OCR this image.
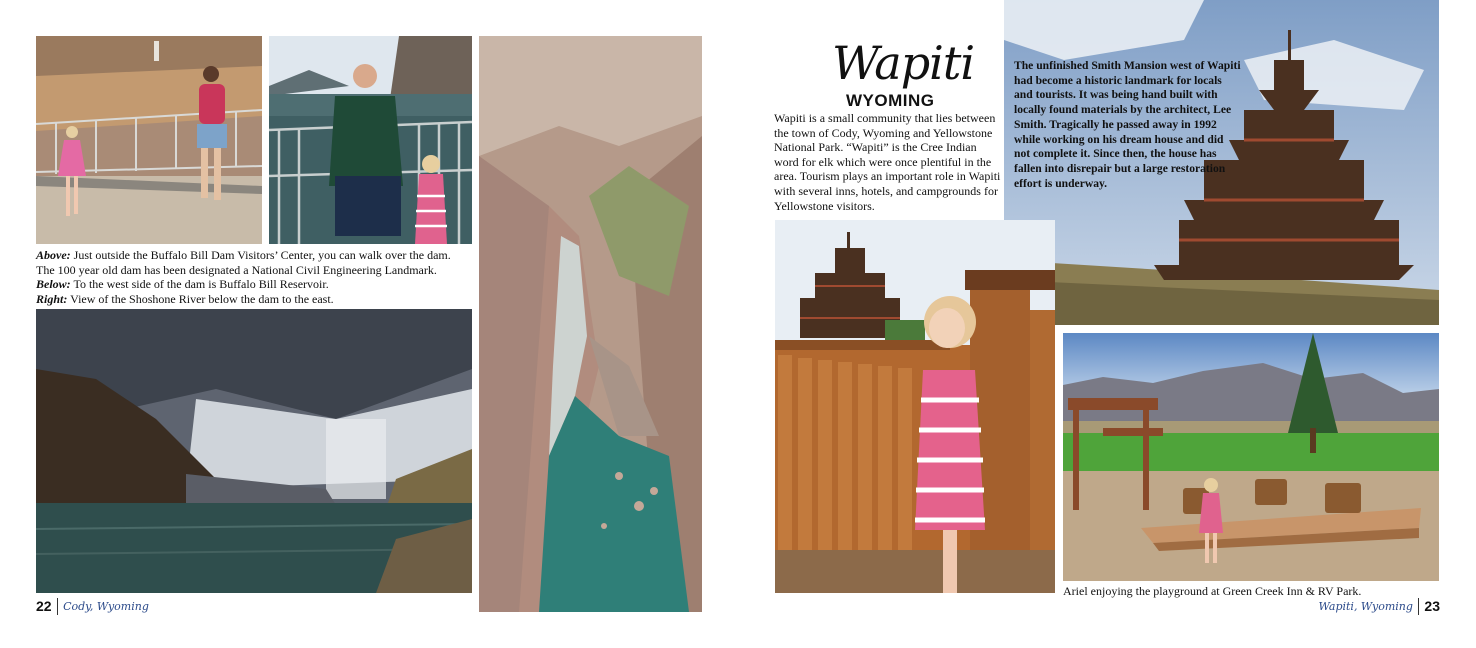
Above: Just outside the Buffalo Bill Dam Visitors’ Center, you can walk over the dam. The 100 year old dam has been designated a National Civil Engineering Landmark.
Below: To the west side of the dam is Buffalo Bill Reservoir.
Right: View of the Shoshone River below the dam to the east.
22 Cody, Wyoming
Wapiti
WYOMING
Wapiti is a small community that lies between the town of Cody, Wyoming and Yellowstone National Park. “Wapiti” is the Cree Indian word for elk which were once plentiful in the area. Tourism plays an important role in Wapiti with several inns, hotels, and campgrounds for Yellowstone visitors.
The unfinished Smith Mansion west of Wapiti had become a historic landmark for locals and tourists. It was being hand built with locally found materials by the architect, Lee Smith. Tragically he passed away in 1992 while working on his dream house and did not complete it. Since then, the house has fallen into disrepair but a large restoration effort is underway.
Ariel enjoying the playground at Green Creek Inn & RV Park.
Wapiti, Wyoming 23
